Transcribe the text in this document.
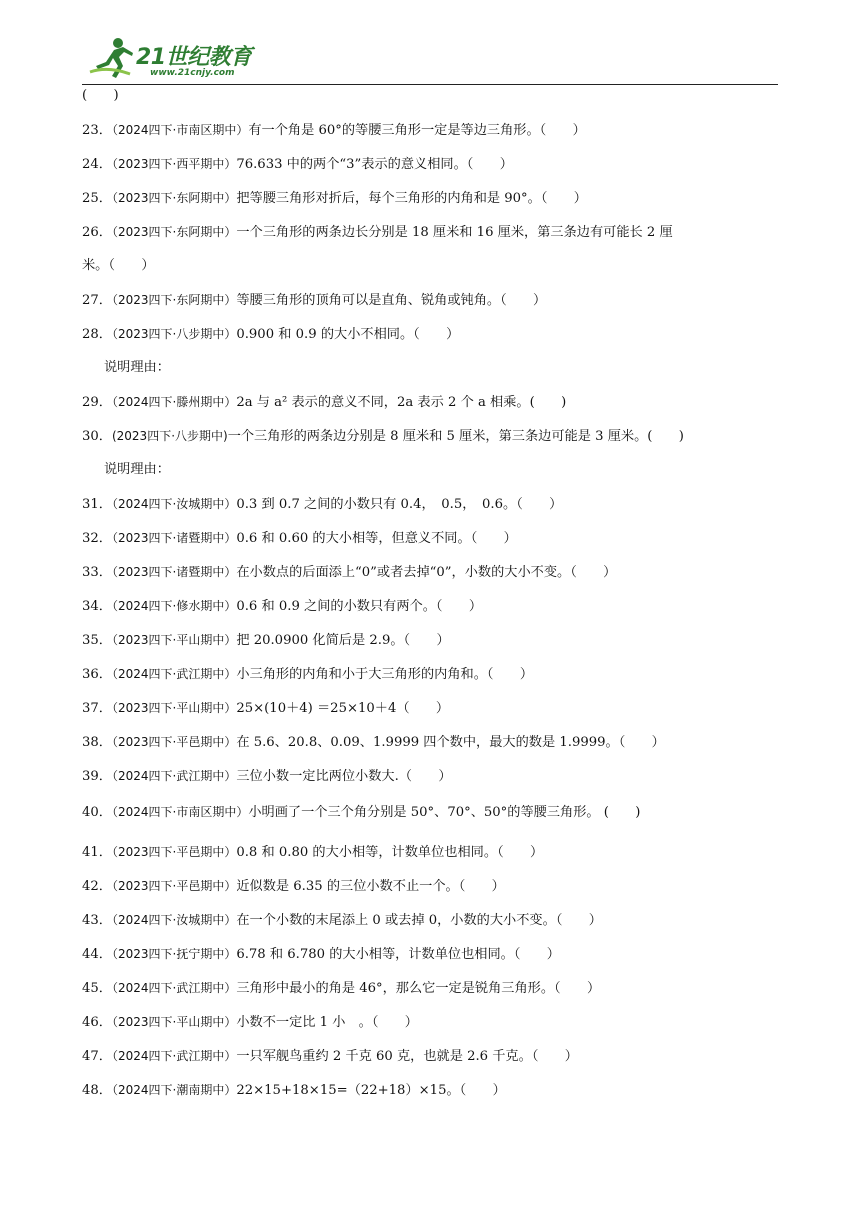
21世纪教育
www.21cnjy.com

(　　)

23．（2024四下·市南区期中）有一个角是 60°的等腰三角形一定是等边三角形。（　　）

24．（2023四下·西平期中）76.633 中的两个“3”表示的意义相同。（　　）

25．（2023四下·东阿期中）把等腰三角形对折后，每个三角形的内角和是 90°。（　　）

26．（2023四下·东阿期中）一个三角形的两条边长分别是 18 厘米和 16 厘米，第三条边有可能长 2 厘

米。（　　）

27．（2023四下·东阿期中）等腰三角形的顶角可以是直角、锐角或钝角。（　　）

28．（2023四下·八步期中）0.900 和 0.9 的大小不相同。（　　）

说明理由：

29．（2024四下·滕州期中）2a 与 a² 表示的意义不同，2a 表示 2 个 a 相乘。(　　)

30．(2023四下·八步期中)一个三角形的两条边分别是 8 厘米和 5 厘米，第三条边可能是 3 厘米。(　　)

说明理由：

31．（2024四下·汝城期中）0.3 到 0.7 之间的小数只有 0.4，　0.5，　0.6。（　　）

32．（2023四下·诸暨期中）0.6 和 0.60 的大小相等，但意义不同。（　　）

33．（2023四下·诸暨期中）在小数点的后面添上“0”或者去掉“0”，小数的大小不变。（　　）

34．（2024四下·修水期中）0.6 和 0.9 之间的小数只有两个。（　　）

35．（2023四下·平山期中）把 20.0900 化简后是 2.9。（　　）

36．（2024四下·武江期中）小三角形的内角和小于大三角形的内角和。（　　）

37．（2023四下·平山期中）25×(10＋4) ＝25×10＋4（　　）

38．（2023四下·平邑期中）在 5.6、20.8、0.09、1.9999 四个数中，最大的数是 1.9999。（　　）

39．（2024四下·武江期中）三位小数一定比两位小数大.（　　）

40．（2024四下·市南区期中）小明画了一个三个角分别是 50°、70°、50°的等腰三角形。 (　　)

41．（2023四下·平邑期中）0.8 和 0.80 的大小相等，计数单位也相同。（　　）

42．（2023四下·平邑期中）近似数是 6.35 的三位小数不止一个。（　　）

43．（2024四下·汝城期中）在一个小数的末尾添上 0 或去掉 0，小数的大小不变。（　　）

44．（2023四下·抚宁期中）6.78 和 6.780 的大小相等，计数单位也相同。（　　）

45．（2024四下·武江期中）三角形中最小的角是 46°，那么它一定是锐角三角形。（　　）

46．（2023四下·平山期中）小数不一定比 1 小　。（　　）

47．（2024四下·武江期中）一只军舰鸟重约 2 千克 60 克，也就是 2.6 千克。（　　）

48．（2024四下·潮南期中）22×15+18×15=（22+18）×15。（　　）
